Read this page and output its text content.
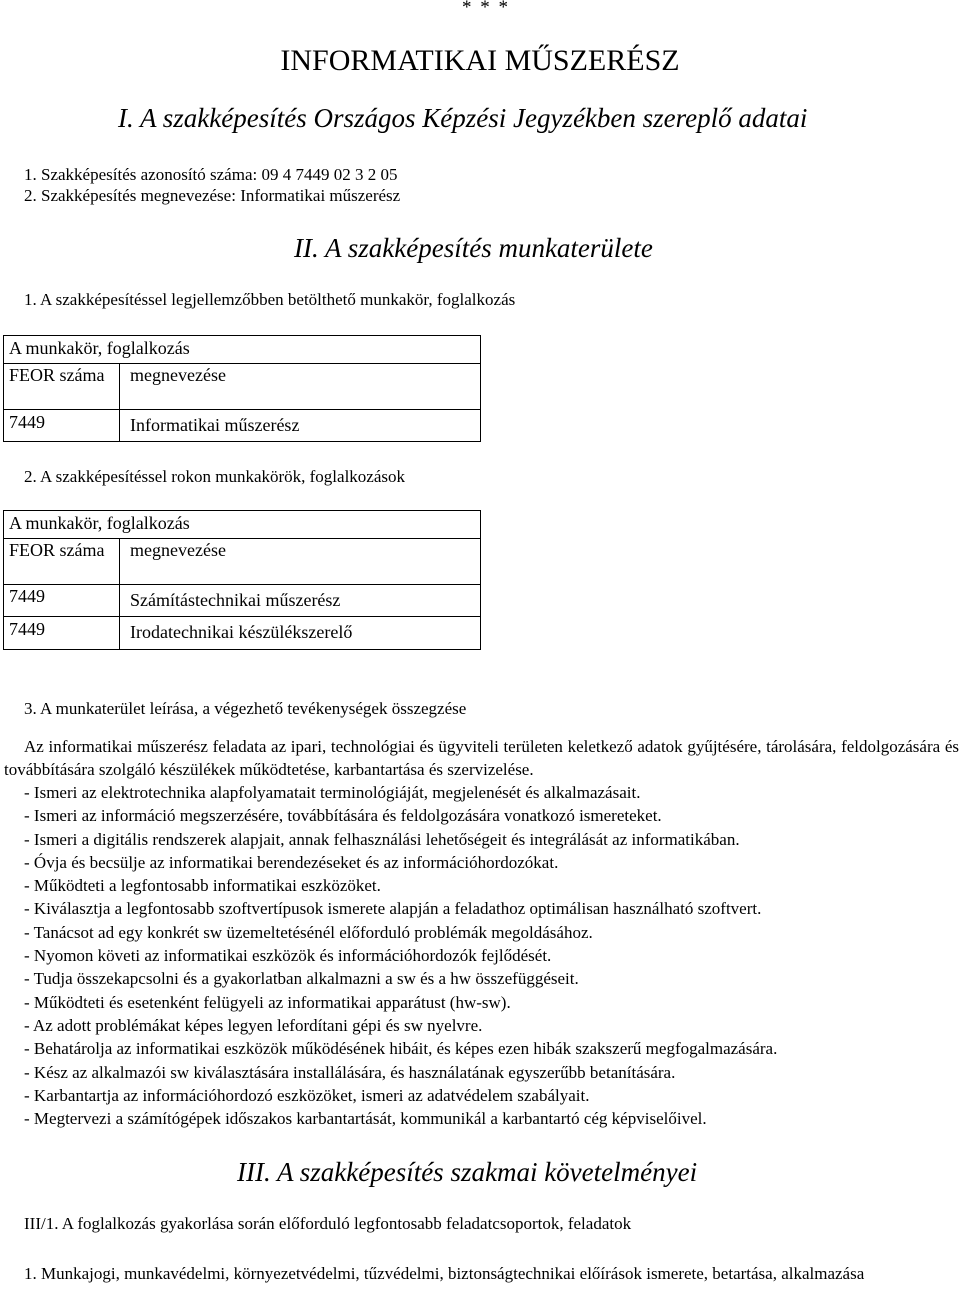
* * *
INFORMATIKAI MŰSZERÉSZ
I. A szakképesítés Országos Képzési Jegyzékben szereplő adatai
1. Szakképesítés azonosító száma: 09 4 7449 02 3 2 05
2. Szakképesítés megnevezése: Informatikai műszerész
II. A szakképesítés munkaterülete
1. A szakképesítéssel legjellemzőbben betölthető munkakör, foglalkozás
A munkakör, foglalkozás
FEOR száma megnevezése
7449	Informatikai műszerész
2. A szakképesítéssel rokon munkakörök, foglalkozások
A munkakör, foglalkozás
FEOR száma megnevezése
7449	Számítástechnikai műszerész
7449	Irodatechnikai készülékszerelő
3. A munkaterület leírása, a végezhető tevékenységek összegzése
Az informatikai műszerész feladata az ipari, technológiai és ügyviteli területen keletkező adatok gyűjtésére, tárolására, feldolgozására és továbbítására szolgáló készülékek működtetése, karbantartása és szervizelése.
- Ismeri az elektrotechnika alapfolyamatait terminológiáját, megjelenését és alkalmazásait.
- Ismeri az információ megszerzésére, továbbítására és feldolgozására vonatkozó ismereteket.
- Ismeri a digitális rendszerek alapjait, annak felhasználási lehetőségeit és integrálását az informatikában.
- Óvja és becsülje az informatikai berendezéseket és az információhordozókat.
- Működteti a legfontosabb informatikai eszközöket.
- Kiválasztja a legfontosabb szoftvertípusok ismerete alapján a feladathoz optimálisan használható szoftvert.
- Tanácsot ad egy konkrét sw üzemeltetésénél előforduló problémák megoldásához.
- Nyomon követi az informatikai eszközök és információhordozók fejlődését.
- Tudja összekapcsolni és a gyakorlatban alkalmazni a sw és a hw összefüggéseit.
- Működteti és esetenként felügyeli az informatikai apparátust (hw-sw).
- Az adott problémákat képes legyen lefordítani gépi és sw nyelvre.
- Behatárolja az informatikai eszközök működésének hibáit, és képes ezen hibák szakszerű megfogalmazására.
- Kész az alkalmazói sw kiválasztására installálására, és használatának egyszerűbb betanítására.
- Karbantartja az információhordozó eszközöket, ismeri az adatvédelem szabályait.
- Megtervezi a számítógépek időszakos karbantartását, kommunikál a karbantartó cég képviselőivel.
III. A szakképesítés szakmai követelményei
III/1. A foglalkozás gyakorlása során előforduló legfontosabb feladatcsoportok, feladatok
1. Munkajogi, munkavédelmi, környezetvédelmi, tűzvédelmi, biztonságtechnikai előírások ismerete, betartása, alkalmazása
